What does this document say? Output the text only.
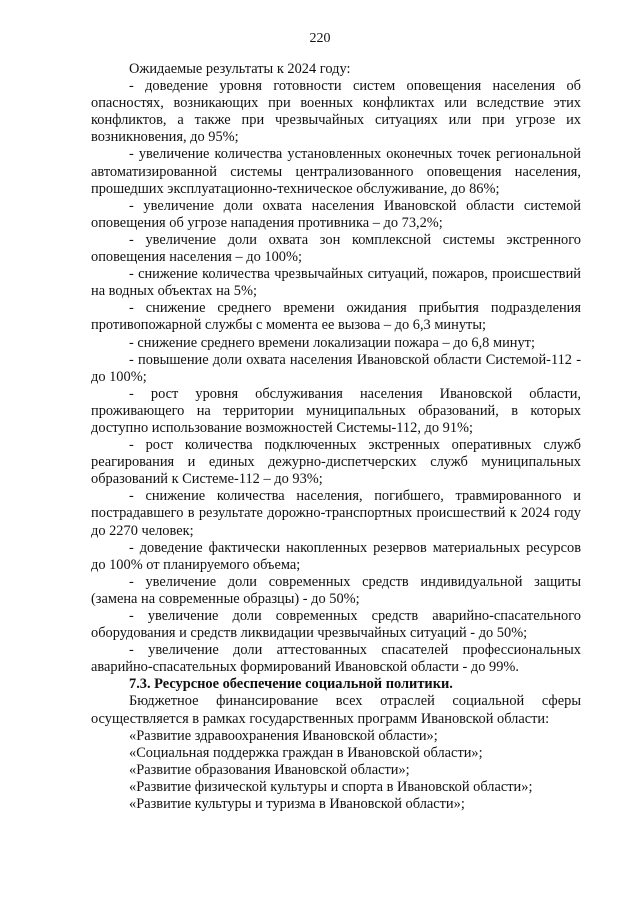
220

Ожидаемые результаты к 2024 году:

- доведение уровня готовности систем оповещения населения об опасностях, возникающих при военных конфликтах или вследствие этих конфликтов, а также при чрезвычайных ситуациях или при угрозе их возникновения, до 95%;

- увеличение количества установленных оконечных точек региональной автоматизированной системы централизованного оповещения населения, прошедших эксплуатационно-техническое обслуживание, до 86%;

- увеличение доли охвата населения Ивановской области системой оповещения об угрозе нападения противника – до 73,2%;

- увеличение доли охвата зон комплексной системы экстренного оповещения населения – до 100%;

- снижение количества чрезвычайных ситуаций, пожаров, происшествий на водных объектах на 5%;

- снижение среднего времени ожидания прибытия подразделения противопожарной службы с момента ее вызова – до 6,3 минуты;

- снижение среднего времени локализации пожара – до 6,8 минут;

- повышение доли охвата населения Ивановской области Системой-112 - до 100%;

- рост уровня обслуживания населения Ивановской области, проживающего на территории муниципальных образований, в которых доступно использование возможностей Системы-112, до 91%;

- рост количества подключенных экстренных оперативных служб реагирования и единых дежурно-диспетчерских служб муниципальных образований к Системе-112 – до 93%;

- снижение количества населения, погибшего, травмированного и пострадавшего в результате дорожно-транспортных происшествий к 2024 году до 2270 человек;

- доведение фактически накопленных резервов материальных ресурсов до 100% от планируемого объема;

- увеличение доли современных средств индивидуальной защиты (замена на современные образцы) - до 50%;

- увеличение доли современных средств аварийно-спасательного оборудования и средств ликвидации чрезвычайных ситуаций - до 50%;

- увеличение доли аттестованных спасателей профессиональных аварийно-спасательных формирований Ивановской области - до 99%.

7.3. Ресурсное обеспечение социальной политики.

Бюджетное финансирование всех отраслей социальной сферы осуществляется в рамках государственных программ Ивановской области:

«Развитие здравоохранения Ивановской области»;

«Социальная поддержка граждан в Ивановской области»;

«Развитие образования Ивановской области»;

«Развитие физической культуры и спорта в Ивановской области»;

«Развитие культуры и туризма в Ивановской области»;
